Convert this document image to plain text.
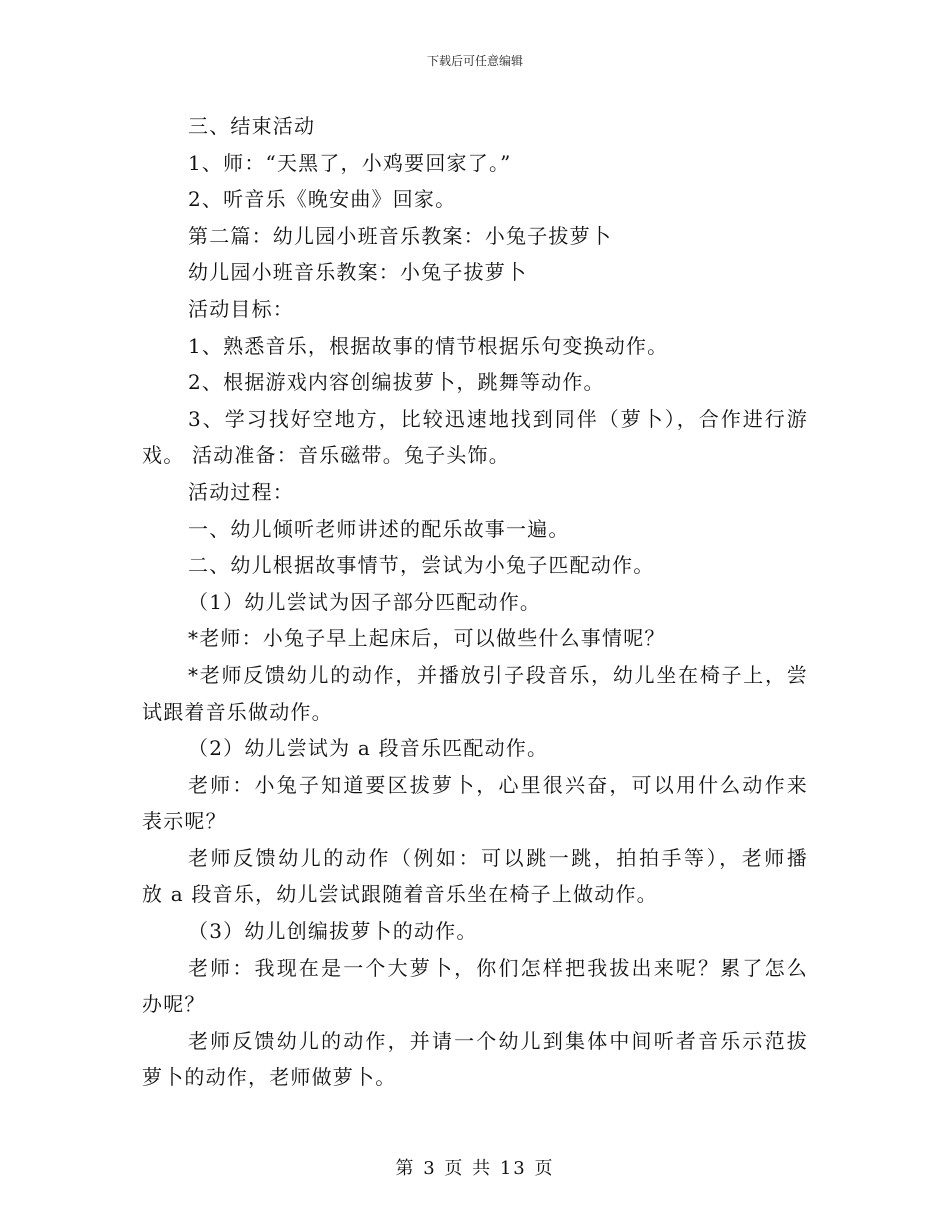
下载后可任意编辑
三、结束活动
1、师：“天黑了，小鸡要回家了。”
2、听音乐《晚安曲》回家。
第二篇：幼儿园小班音乐教案：小兔子拔萝卜
幼儿园小班音乐教案：小兔子拔萝卜
活动目标：
1、熟悉音乐，根据故事的情节根据乐句变换动作。
2、根据游戏内容创编拔萝卜，跳舞等动作。
3、学习找好空地方，比较迅速地找到同伴（萝卜），合作进行游
戏。 活动准备：音乐磁带。兔子头饰。
活动过程：
一、幼儿倾听老师讲述的配乐故事一遍。
二、幼儿根据故事情节，尝试为小兔子匹配动作。
（1）幼儿尝试为因子部分匹配动作。
*老师：小兔子早上起床后，可以做些什么事情呢？
*老师反馈幼儿的动作，并播放引子段音乐，幼儿坐在椅子上，尝
试跟着音乐做动作。
（2）幼儿尝试为 a 段音乐匹配动作。
老师：小兔子知道要区拔萝卜，心里很兴奋，可以用什么动作来
表示呢？
老师反馈幼儿的动作（例如：可以跳一跳，拍拍手等），老师播
放 a 段音乐，幼儿尝试跟随着音乐坐在椅子上做动作。
（3）幼儿创编拔萝卜的动作。
老师：我现在是一个大萝卜，你们怎样把我拔出来呢？累了怎么
办呢？
老师反馈幼儿的动作，并请一个幼儿到集体中间听者音乐示范拔
萝卜的动作，老师做萝卜。
第 3 页 共 13 页
